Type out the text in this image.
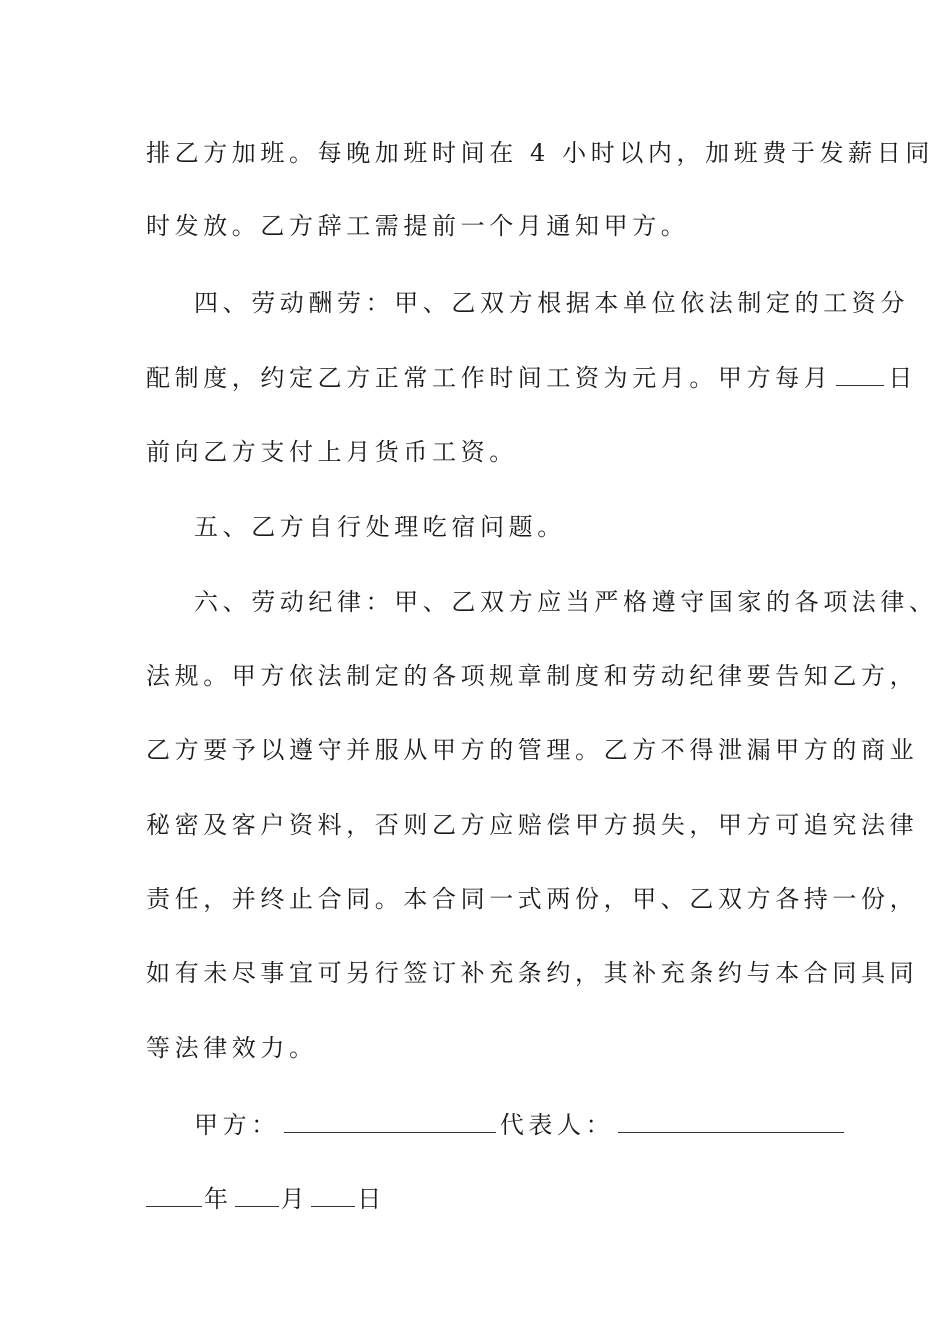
排乙方加班。每晚加班时间在 4 小时以内，加班费于发薪日同
时发放。乙方辞工需提前一个月通知甲方。
四、劳动酬劳：甲、乙双方根据本单位依法制定的工资分
配制度，约定乙方正常工作时间工资为元月。甲方每月 日
前向乙方支付上月货币工资。
五、乙方自行处理吃宿问题。
六、劳动纪律：甲、乙双方应当严格遵守国家的各项法律、
法规。甲方依法制定的各项规章制度和劳动纪律要告知乙方，
乙方要予以遵守并服从甲方的管理。乙方不得泄漏甲方的商业
秘密及客户资料，否则乙方应赔偿甲方损失，甲方可追究法律
责任，并终止合同。本合同一式两份，甲、乙双方各持一份，
如有未尽事宜可另行签订补充条约，其补充条约与本合同具同
等法律效力。
甲方：	代表人：
年 月 日
